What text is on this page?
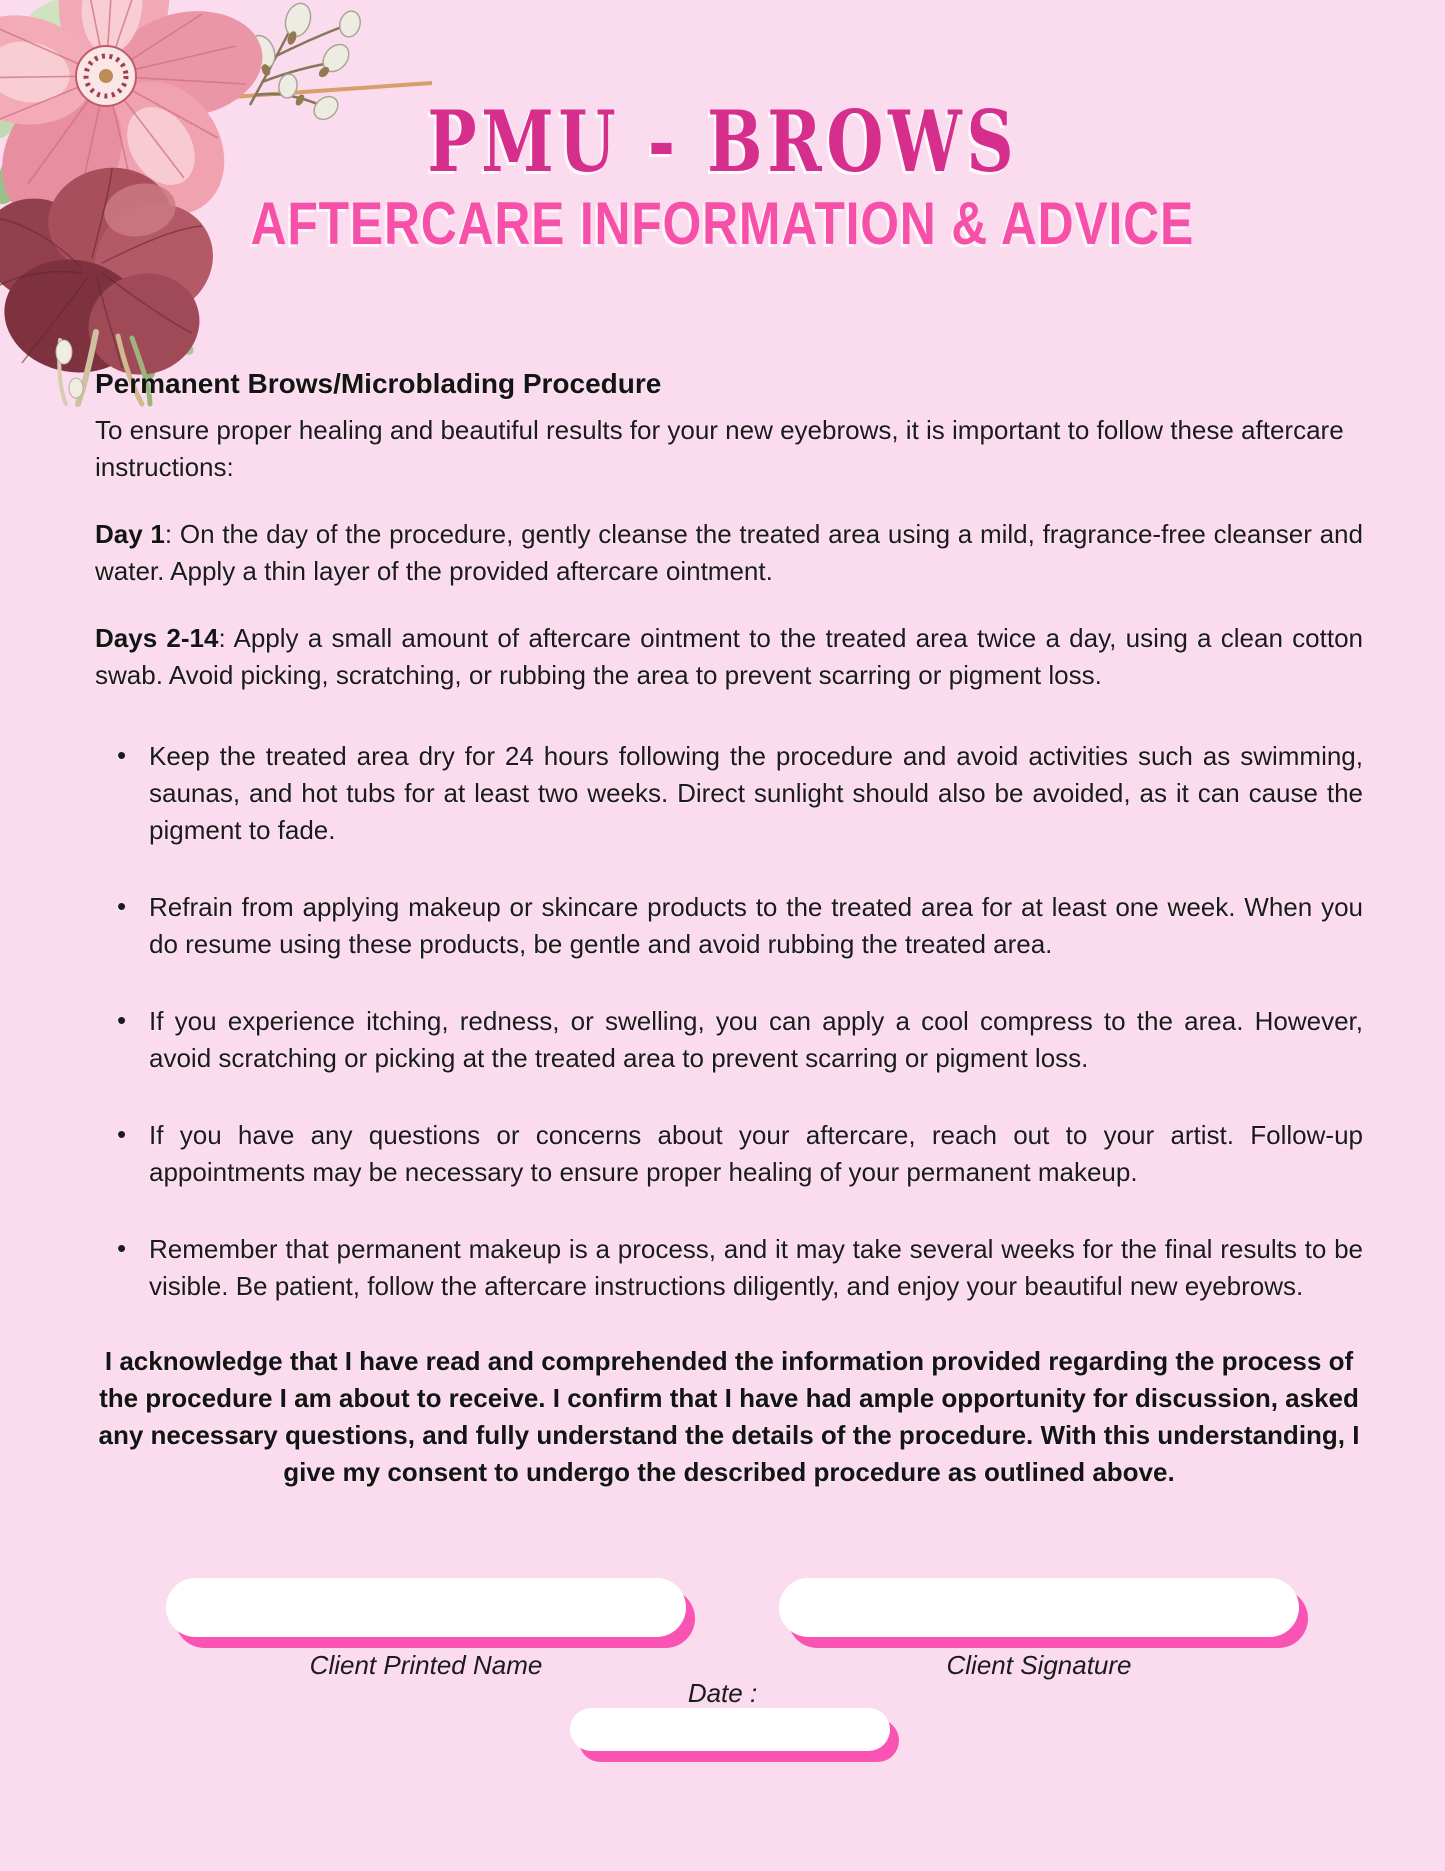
PMU - BROWS
AFTERCARE INFORMATION & ADVICE
Permanent Brows/Microblading Procedure

To ensure proper healing and beautiful results for your new eyebrows, it is important to follow these aftercare instructions:

Day 1: On the day of the procedure, gently cleanse the treated area using a mild, fragrance-free cleanser and water. Apply a thin layer of the provided aftercare ointment.

Days 2-14: Apply a small amount of aftercare ointment to the treated area twice a day, using a clean cotton swab. Avoid picking, scratching, or rubbing the area to prevent scarring or pigment loss.

• Keep the treated area dry for 24 hours following the procedure and avoid activities such as swimming, saunas, and hot tubs for at least two weeks. Direct sunlight should also be avoided, as it can cause the pigment to fade.
• Refrain from applying makeup or skincare products to the treated area for at least one week. When you do resume using these products, be gentle and avoid rubbing the treated area.
• If you experience itching, redness, or swelling, you can apply a cool compress to the area. However, avoid scratching or picking at the treated area to prevent scarring or pigment loss.
• If you have any questions or concerns about your aftercare, reach out to your artist. Follow-up appointments may be necessary to ensure proper healing of your permanent makeup.
• Remember that permanent makeup is a process, and it may take several weeks for the final results to be visible. Be patient, follow the aftercare instructions diligently, and enjoy your beautiful new eyebrows.

I acknowledge that I have read and comprehended the information provided regarding the process of the procedure I am about to receive. I confirm that I have had ample opportunity for discussion, asked any necessary questions, and fully understand the details of the procedure. With this understanding, I give my consent to undergo the described procedure as outlined above.

Client Printed Name	Client Signature
Date :
